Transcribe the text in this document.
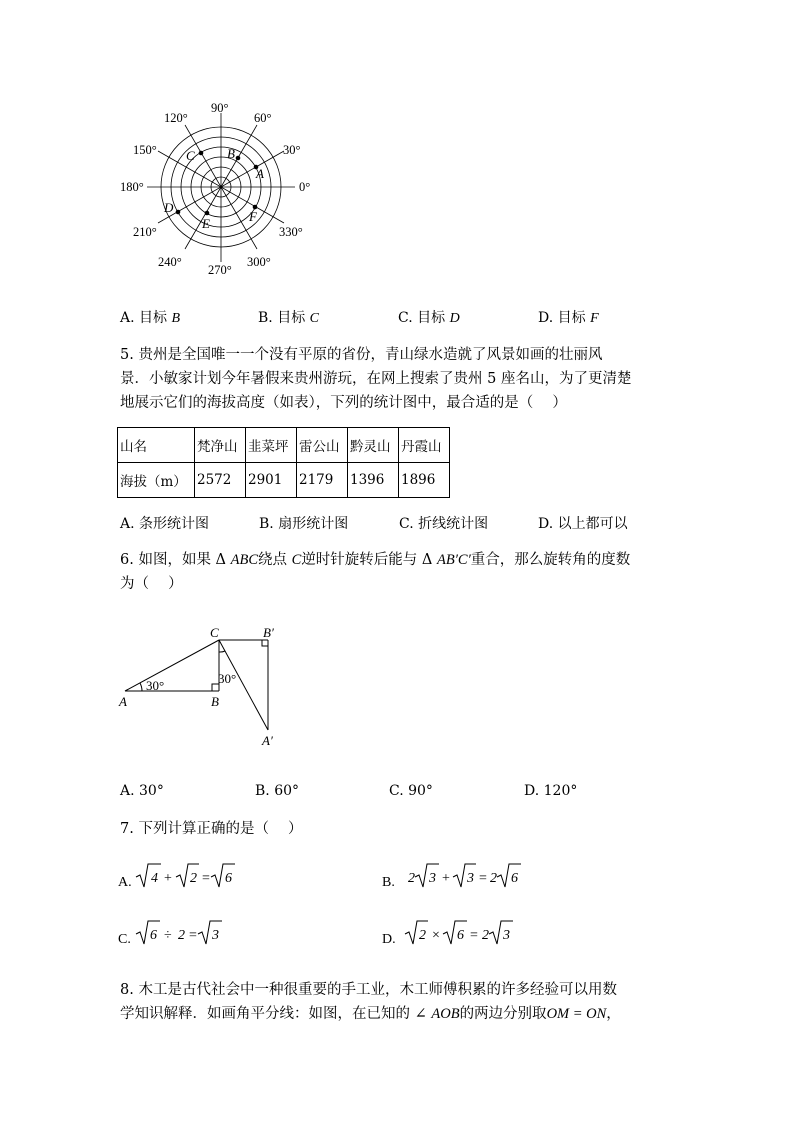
90°
60°
30°
0°
330°
300°
270°
240°
210°
180°
150°
120°
A
B
C
D
E	F
A. 目标 B	B. 目标 C	C. 目标 D	D. 目标 F
5. 贵州是全国唯一一个没有平原的省份，青山绿水造就了风景如画的壮丽风
景．小敏家计划今年暑假来贵州游玩，在网上搜索了贵州 5 座名山，为了更清楚
地展示它们的海拔高度（如表），下列的统计图中，最合适的是（　 ）
山名	梵净山	韭菜坪	雷公山	黔灵山	丹霞山
海拔（m）	2572	2901	2179	1396	1896
A. 条形统计图	B. 扇形统计图	C. 折线统计图	D. 以上都可以
6. 如图，如果 Δ ABC绕点 C逆时针旋转后能与 Δ AB′C′重合，那么旋转角的度数
为（　 ）
C	B′
A	B
A′
30°	30°
A. 30°	B. 60°	C. 90°	D. 120°
7. 下列计算正确的是（　 ）
A. 4 + 2 = 6	B. 2 3 + 3 = 2 6
C. 6 ÷ 2 = 3	D. 2 × 6 = 2 3
8. 木工是古代社会中一种很重要的手工业，木工师傅积累的许多经验可以用数
学知识解释．如画角平分线：如图，在已知的 ∠ AOB的两边分别取OM = ON，
